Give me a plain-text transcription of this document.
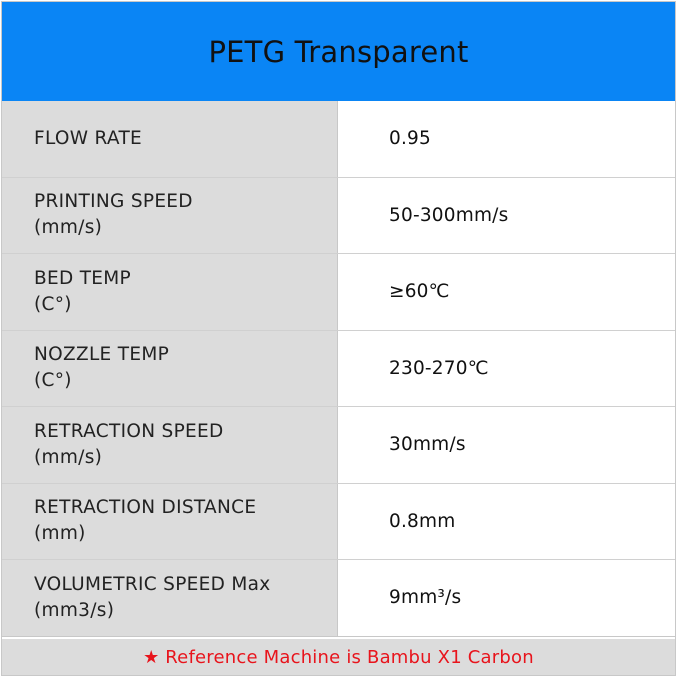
PETG Transparent
FLOW RATE	0.95
PRINTING SPEED
(mm/s)
50-300mm/s
BED TEMP
(C°)
≥60℃
NOZZLE TEMP
(C°)
230-270℃
RETRACTION SPEED
(mm/s)
30mm/s
RETRACTION DISTANCE
(mm)
0.8mm
VOLUMETRIC SPEED Max
(mm3/s)
9mm³/s
★ Reference Machine is Bambu X1 Carbon
